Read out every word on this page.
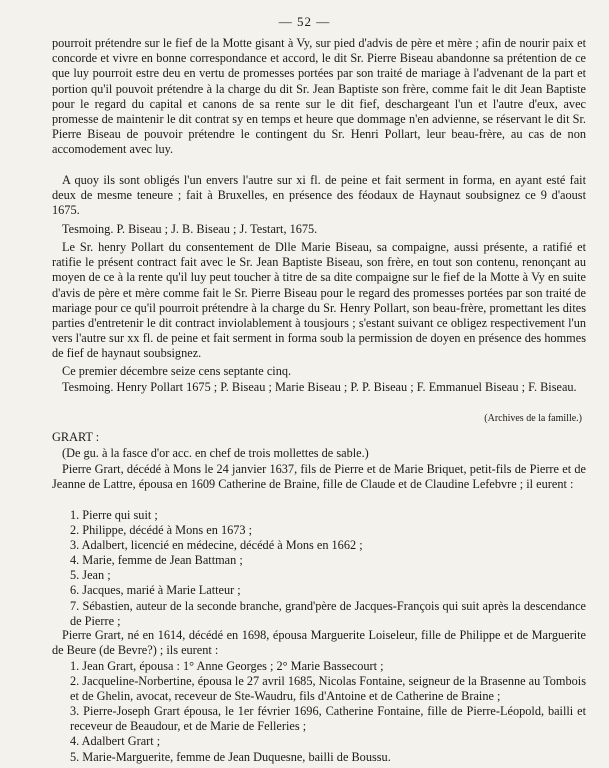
— 52 —

pourroit prétendre sur le fief de la Motte gisant à Vy, sur pied d'advis de père et mère ; afin de nourir paix et concorde et vivre en bonne correspondance et accord, le dit Sr. Pierre Biseau abandonne sa prétention de ce que luy pourroit estre deu en vertu de promesses portées par son traité de mariage à l'advenant de la part et portion qu'il pouvoit prétendre à la charge du dit Sr. Jean Baptiste son frère, comme fait le dit Jean Baptiste pour le regard du capital et canons de sa rente sur le dit fief, deschargeant l'un et l'autre d'eux, avec promesse de maintenir le dit contrat sy en temps et heure que dommage n'en advienne, se réservant le dit Sr. Pierre Biseau de pouvoir prétendre le contingent du Sr. Henri Pollart, leur beau-frère, au cas de non accomodement avec luy.

A quoy ils sont obligés l'un envers l'autre sur xi fl. de peine et fait serment in forma, en ayant esté fait deux de mesme teneure ; fait à Bruxelles, en présence des féodaux de Haynaut soubsignez ce 9 d'aoust 1675.

Tesmoing. P. Biseau ; J. B. Biseau ; J. Testart, 1675.

Le Sr. henry Pollart du consentement de Dlle Marie Biseau, sa compaigne, aussi présente, a ratifié et ratifie le présent contract fait avec le Sr. Jean Baptiste Biseau, son frère, en tout son contenu, renonçant au moyen de ce à la rente qu'il luy peut toucher à titre de sa dite compaigne sur le fief de la Motte à Vy en suite d'avis de père et mère comme fait le Sr. Pierre Biseau pour le regard des promesses portées par son traité de mariage pour ce qu'il pourroit prétendre à la charge du Sr. Henry Pollart, son beau-frère, promettant les dites parties d'entretenir le dit contract inviolablement à tousjours ; s'estant suivant ce obligez respectivement l'un vers l'autre sur xx fl. de peine et fait serment in forma soub la permission de doyen en présence des hommes de fief de haynaut soubsignez.

Ce premier décembre seize cens septante cinq.

Tesmoing. Henry Pollart 1675 ; P. Biseau ; Marie Biseau ; P. P. Biseau ; F. Emmanuel Biseau ; F. Biseau.

(Archives de la famille.)

GRART :

(De gu. à la fasce d'or acc. en chef de trois mollettes de sable.)

Pierre Grart, décédé à Mons le 24 janvier 1637, fils de Pierre et de Marie Briquet, petit-fils de Pierre et de Jeanne de Lattre, épousa en 1609 Catherine de Braine, fille de Claude et de Claudine Lefebvre ; il eurent :

1. Pierre qui suit ;
2. Philippe, décédé à Mons en 1673 ;
3. Adalbert, licencié en médecine, décédé à Mons en 1662 ;
4. Marie, femme de Jean Battman ;
5. Jean ;
6. Jacques, marié à Marie Latteur ;
7. Sébastien, auteur de la seconde branche, grand'père de Jacques-François qui suit après la descendance de Pierre ;

Pierre Grart, né en 1614, décédé en 1698, épousa Marguerite Loiseleur, fille de Philippe et de Marguerite de Beure (de Bevre?) ; ils eurent :

1. Jean Grart, épousa : 1° Anne Georges ; 2° Marie Bassecourt ;
2. Jacqueline-Norbertine, épousa le 27 avril 1685, Nicolas Fontaine, seigneur de la Brasenne au Tombois et de Ghelin, avocat, receveur de Ste-Waudru, fils d'Antoine et de Catherine de Braine ;
3. Pierre-Joseph Grart épousa, le 1er février 1696, Catherine Fontaine, fille de Pierre-Léopold, bailli et receveur de Beaudour, et de Marie de Felleries ;
4. Adalbert Grart ;
5. Marie-Marguerite, femme de Jean Duquesne, bailli de Boussu.
